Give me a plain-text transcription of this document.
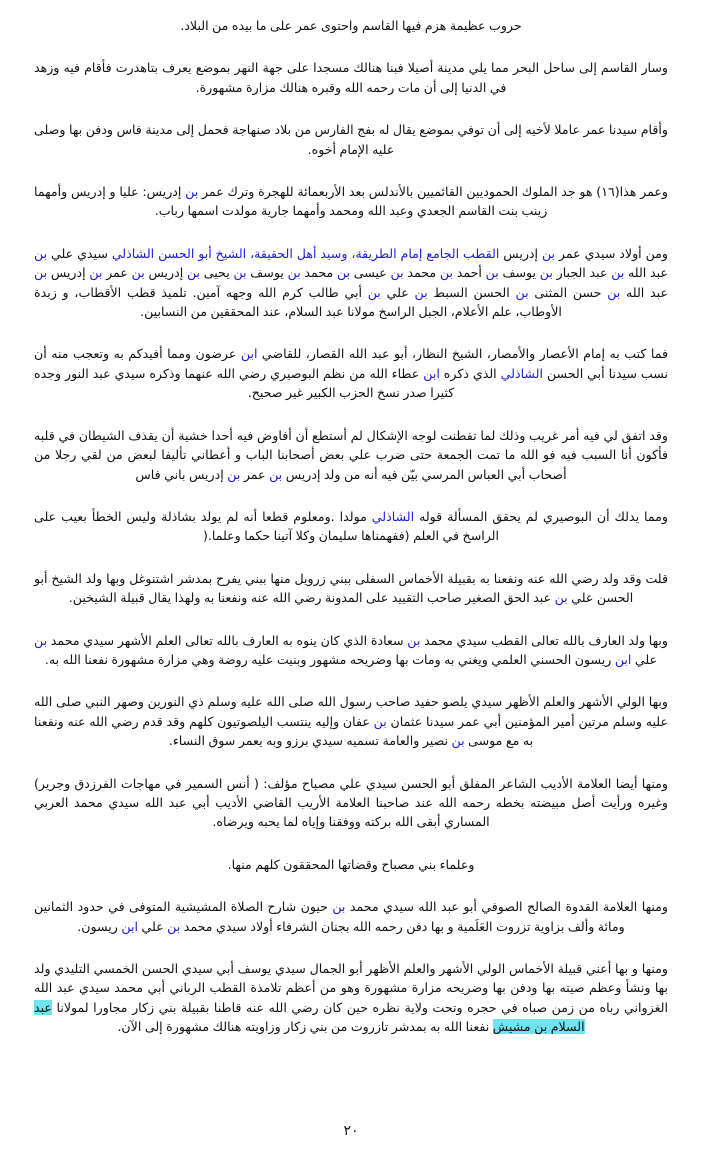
حروب عظيمة هزم فيها القاسم واحتوى عمر على ما بيده من البلاد.

وسار القاسم إلى ساحل البحر مما يلي مدينة أصيلا فبنا هنالك مسجدا على جهة النهر بموضع يعرف بتاهدرت فأقام فيه وزهد في الدنيا إلى أن مات رحمه الله وقبره هنالك مزارة مشهورة.

وأقام سيدنا عمر عاملا لأخيه إلى أن توفي بموضع يقال له بفج الفارس من بلاد صنهاجة فحمل إلى مدينة فاس ودفن بها وصلى عليه الإمام أخوه.

وعمر هذا(١٦) هو جد الملوك الحموديين القائميين بالأندلس بعد الأربعمائة للهجرة وترك عمر بن إدريس: عليا و إدريس وأمهما زينب بنت القاسم الجعدي وعبد الله ومحمد وأمهما جارية مولدت اسمها رباب.

ومن أولاد سيدي عمر بن إدريس القطب الجامع إمام الطريقة، وسيد أهل الحقيقة، الشيخ أبو الحسن الشاذلي سيدي علي بن عبد الله بن عبد الجبار بن يوسف بن أحمد بن محمد بن عيسى بن محمد بن يوسف بن يحيى بن إدريس بن عمر بن إدريس بن عبد الله بن حسن المثنى بن الحسن السبط بن علي بن أبي طالب كرم الله وجهه آمين. تلميذ قطب الأقطاب، و زبدة الأوطاب، علم الأعلام، الجبل الراسخ مولانا عبد السلام، عند المحققين من النسابين.

فما كتب به إمام الأعصار والأمصار، الشيخ النظار، أبو عبد الله القصار، للقاضي ابن عرضون ومما أفيدكم به وتعجب منه أن نسب سيدنا أبي الحسن الشاذلي الذي ذكره ابن عطاء الله من نظم البوصيري رضي الله عنهما وذكره سيدي عبد النور وجده كثيرا صدر نسخ الحزب الكبير غير صحيح.

وقد اتفق لي فيه أمر غريب وذلك لما تفطنت لوجه الإشكال لم أستطع أن أفاوض فيه أحدا خشية أن يقذف الشيطان في قلبه فأكون أنا السبب فيه فو الله ما تمت الجمعة حتى ضرب علي بعض أصحابنا الباب و أعطاني تأليفا لبعض من لقي رجلا من أصحاب أبي العباس المرسي بيّن فيه أنه من ولد إدريس بن عمر بن إدريس باني فاس

ومما يدلك أن البوصيري لم يحقق المسألة قوله الشاذلي مولدا .ومعلوم قطعا أنه لم يولد بشاذلة وليس الخطأ بعيب على الراسخ في العلم (ففهمناها سليمان وكلا آتينا حكما وعلما.(

قلت وقد ولد رضي الله عنه ونفعنا به بقبيلة الأخماس السفلى ببني زرويل منها ببني يفرح بمدشر اشتنوغل وبها ولد الشيخ أبو الحسن علي بن عبد الحق الصغير صاحب التقييد على المدونة رضي الله عنه ونفعنا به ولهذا يقال قبيلة الشيخين.

وبها ولد العارف بالله تعالى القطب سيدي محمد بن سعادة الذي كان ينوه به العارف بالله تعالى العلم الأشهر سيدي محمد بن علي ابن ريسون الحسني العلمي ويغني به ومات بها وضريحه مشهور وبنيت عليه روضة وهي مزارة مشهورة نفعنا الله به.

وبها الولي الأشهر والعلم الأظهر سيدي يلصو حفيد صاحب رسول الله صلى الله عليه وسلم ذي النورين وصهر النبي صلى الله عليه وسلم مرتين أمير المؤمنين أبي عمر سيدنا عثمان بن عفان وإليه ينتسب اليلصوتيون كلهم وقد قدم رضي الله عنه ونفعنا به مع موسى بن نصير والعامة تسميه سيدي برزو وبه يعمر سوق النساء.

ومنها أيضا العلامة الأديب الشاعر المفلق أبو الحسن سيدي علي مصباح مؤلف: ( أنس السمير في مهاجات الفرزدق وجرير) وغيره ورأيت أصل مبيضته بخطه رحمه الله عند صاحبنا العلامة الأريب القاضي الأديب أبي عبد الله سيدي محمد العربي المساري أبقى الله بركته ووفقنا وإياه لما يحبه ويرضاه.

وعلماء بني مصباح وقضاتها المحققون كلهم منها.

ومنها العلامة القدوة الصالح الصوفي أبو عبد الله سيدي محمد بن حيون شارح الصلاة المشيشية المتوفى في حدود الثمانين ومائة وألف بزاوية تزروت العَلَمية و بها دفن رحمه الله بجنان الشرفاء أولاد سيدي محمد بن علي ابن ريسون.

ومنها و بها أعني قبيلة الأخماس الولي الأشهر والعلم الأظهر أبو الجمال سيدي يوسف أبي سيدي الحسن الخمسي التليدي ولد بها ونشأ وعظم صيته بها ودفن بها وضريحه مزارة مشهورة وهو من أعظم تلامذة القطب الرباني أبي محمد سيدي عبد الله الغزواني رباه من زمن صباه في حجره وتحت ولاية نظره حين كان رضي الله عنه قاطنا بقبيلة بني زكار مجاورا لمولانا عبد السلام بن مشيش نفعنا الله به بمدشر تازروت من بني زكار وزاويته هنالك مشهورة إلى الآن.

٢٠
